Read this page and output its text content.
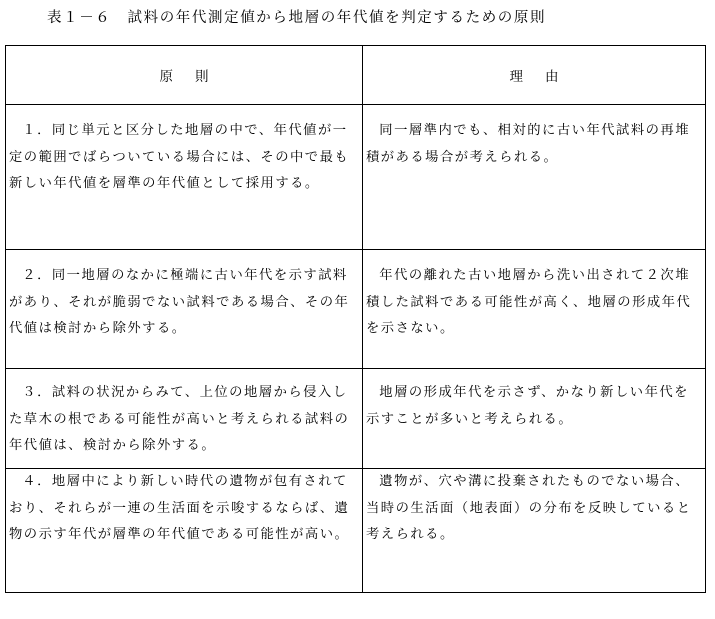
表１－６　試料の年代測定値から地層の年代値を判定するための原則
原則	理由
１．同じ単元と区分した地層の中で、年代値が一定の範囲でばらついている場合には、その中で最も新しい年代値を層準の年代値として採用する。	同一層準内でも、相対的に古い年代試料の再堆積がある場合が考えられる。
２．同一地層のなかに極端に古い年代を示す試料があり、それが脆弱でない試料である場合、その年代値は検討から除外する。	年代の離れた古い地層から洗い出されて２次堆積した試料である可能性が高く、地層の形成年代を示さない。
３．試料の状況からみて、上位の地層から侵入した草木の根である可能性が高いと考えられる試料の年代値は、検討から除外する。	地層の形成年代を示さず、かなり新しい年代を示すことが多いと考えられる。
４．地層中により新しい時代の遺物が包有されており、それらが一連の生活面を示唆するならば、遺物の示す年代が層準の年代値である可能性が高い。	遺物が、穴や溝に投棄されたものでない場合、当時の生活面（地表面）の分布を反映していると考えられる。
